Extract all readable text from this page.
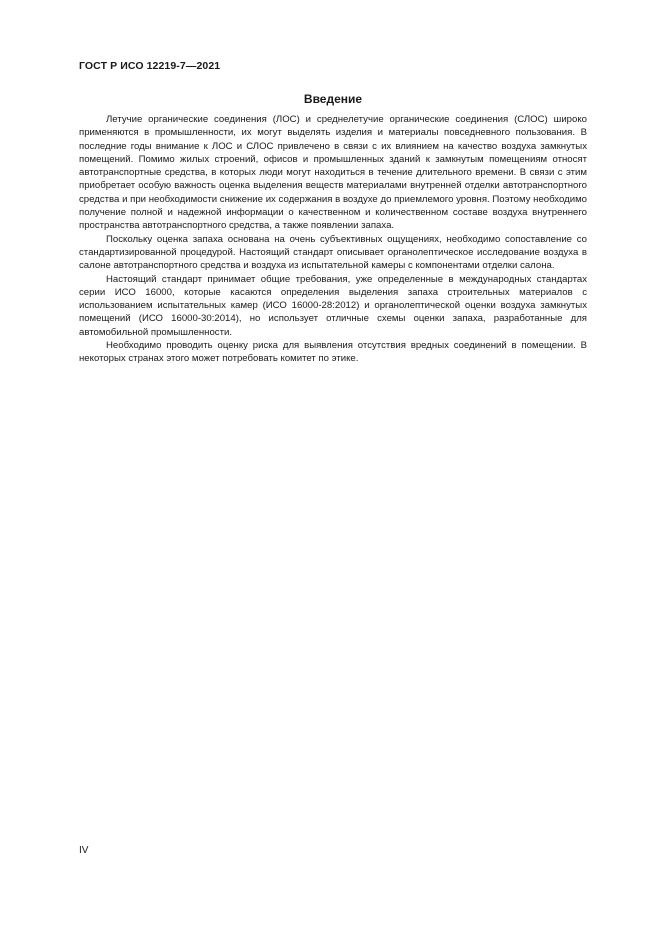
ГОСТ Р ИСО 12219-7—2021
Введение

Летучие органические соединения (ЛОС) и среднелетучие органические соединения (СЛОС) широко применяются в промышленности, их могут выделять изделия и материалы повседневного пользования. В последние годы внимание к ЛОС и СЛОС привлечено в связи с их влиянием на качество воздуха замкнутых помещений. Помимо жилых строений, офисов и промышленных зданий к замкнутым помещениям относят автотранспортные средства, в которых люди могут находиться в течение длительного времени. В связи с этим приобретает особую важность оценка выделения веществ материалами внутренней отделки автотранспортного средства и при необходимости снижение их содержания в воздухе до приемлемого уровня. Поэтому необходимо получение полной и надежной информации о качественном и количественном составе воздуха внутреннего пространства автотранспортного средства, а также появлении запаха.

Поскольку оценка запаха основана на очень субъективных ощущениях, необходимо сопоставление со стандартизированной процедурой. Настоящий стандарт описывает органолептическое исследование воздуха в салоне автотранспортного средства и воздуха из испытательной камеры с компонентами отделки салона.

Настоящий стандарт принимает общие требования, уже определенные в международных стандартах серии ИСО 16000, которые касаются определения выделения запаха строительных материалов с использованием испытательных камер (ИСО 16000-28:2012) и органолептической оценки воздуха замкнутых помещений (ИСО 16000-30:2014), но использует отличные схемы оценки запаха, разработанные для автомобильной промышленности.

Необходимо проводить оценку риска для выявления отсутствия вредных соединений в помещении. В некоторых странах этого может потребовать комитет по этике.

IV
